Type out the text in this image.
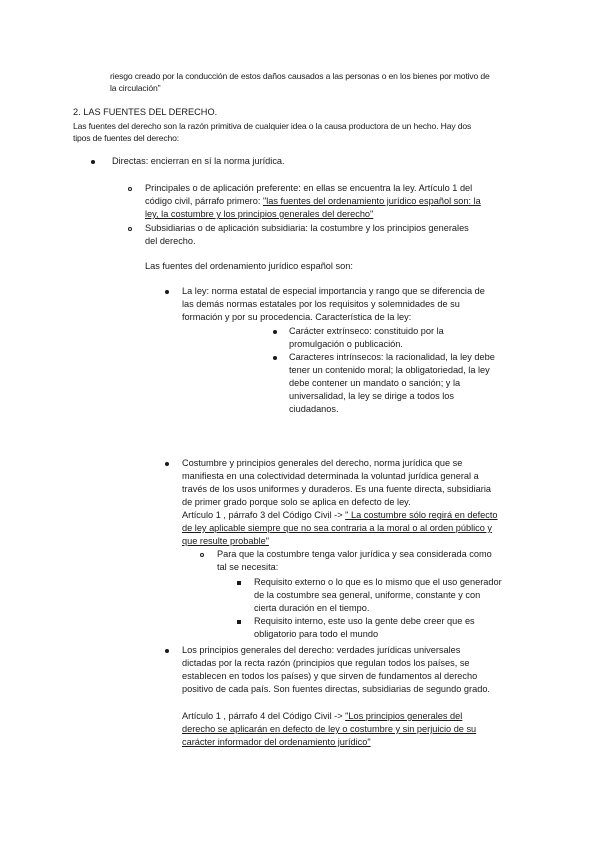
riesgo creado por la conducción de estos daños causados a las personas o en los bienes por motivo de
la circulación"
2. LAS FUENTES DEL DERECHO.
Las fuentes del derecho son la razón primitiva de cualquier idea o la causa productora de un hecho. Hay dos
tipos de fuentes del derecho:
Directas: encierran en sí la norma jurídica.
Principales o de aplicación preferente: en ellas se encuentra la ley. Artículo 1 del
código civil, párrafo primero: "las fuentes del ordenamiento jurídico español son: la
ley, la costumbre y los principios generales del derecho"
Subsidiarias o de aplicación subsidiaria: la costumbre y los principios generales
del derecho.
Las fuentes del ordenamiento jurídico español son:
La ley: norma estatal de especial importancia y rango que se diferencia de
las demás normas estatales por los requisitos y solemnidades de su
formación y por su procedencia. Característica de la ley:
Carácter extrínseco: constituido por la
promulgación o publicación.
Caracteres intrínsecos: la racionalidad, la ley debe
tener un contenido moral; la obligatoriedad, la ley
debe contener un mandato o sanción; y la
universalidad, la ley se dirige a todos los
ciudadanos.
Costumbre y principios generales del derecho, norma jurídica que se
manifiesta en una colectividad determinada la voluntad jurídica general a
través de los usos uniformes y duraderos. Es una fuente directa, subsidiaria
de primer grado porque solo se aplica en defecto de ley.
Artículo 1 , párrafo 3 del Código Civil -> " La costumbre sólo regirá en defecto
de ley aplicable siempre que no sea contraria a la moral o al orden público y
que resulte probable"
Para que la costumbre tenga valor jurídica y sea considerada como
tal se necesita:
Requisito externo o lo que es lo mismo que el uso generador
de la costumbre sea general, uniforme, constante y con
cierta duración en el tiempo.
Requisito interno, este uso la gente debe creer que es
obligatorio para todo el mundo
Los principios generales del derecho: verdades jurídicas universales
dictadas por la recta razón (principios que regulan todos los países, se
establecen en todos los países) y que sirven de fundamentos al derecho
positivo de cada país. Son fuentes directas, subsidiarias de segundo grado.
Artículo 1 , párrafo 4 del Código Civil -> "Los principios generales del
derecho se aplicarán en defecto de ley o costumbre y sin perjuicio de su
carácter informador del ordenamiento jurídico"
